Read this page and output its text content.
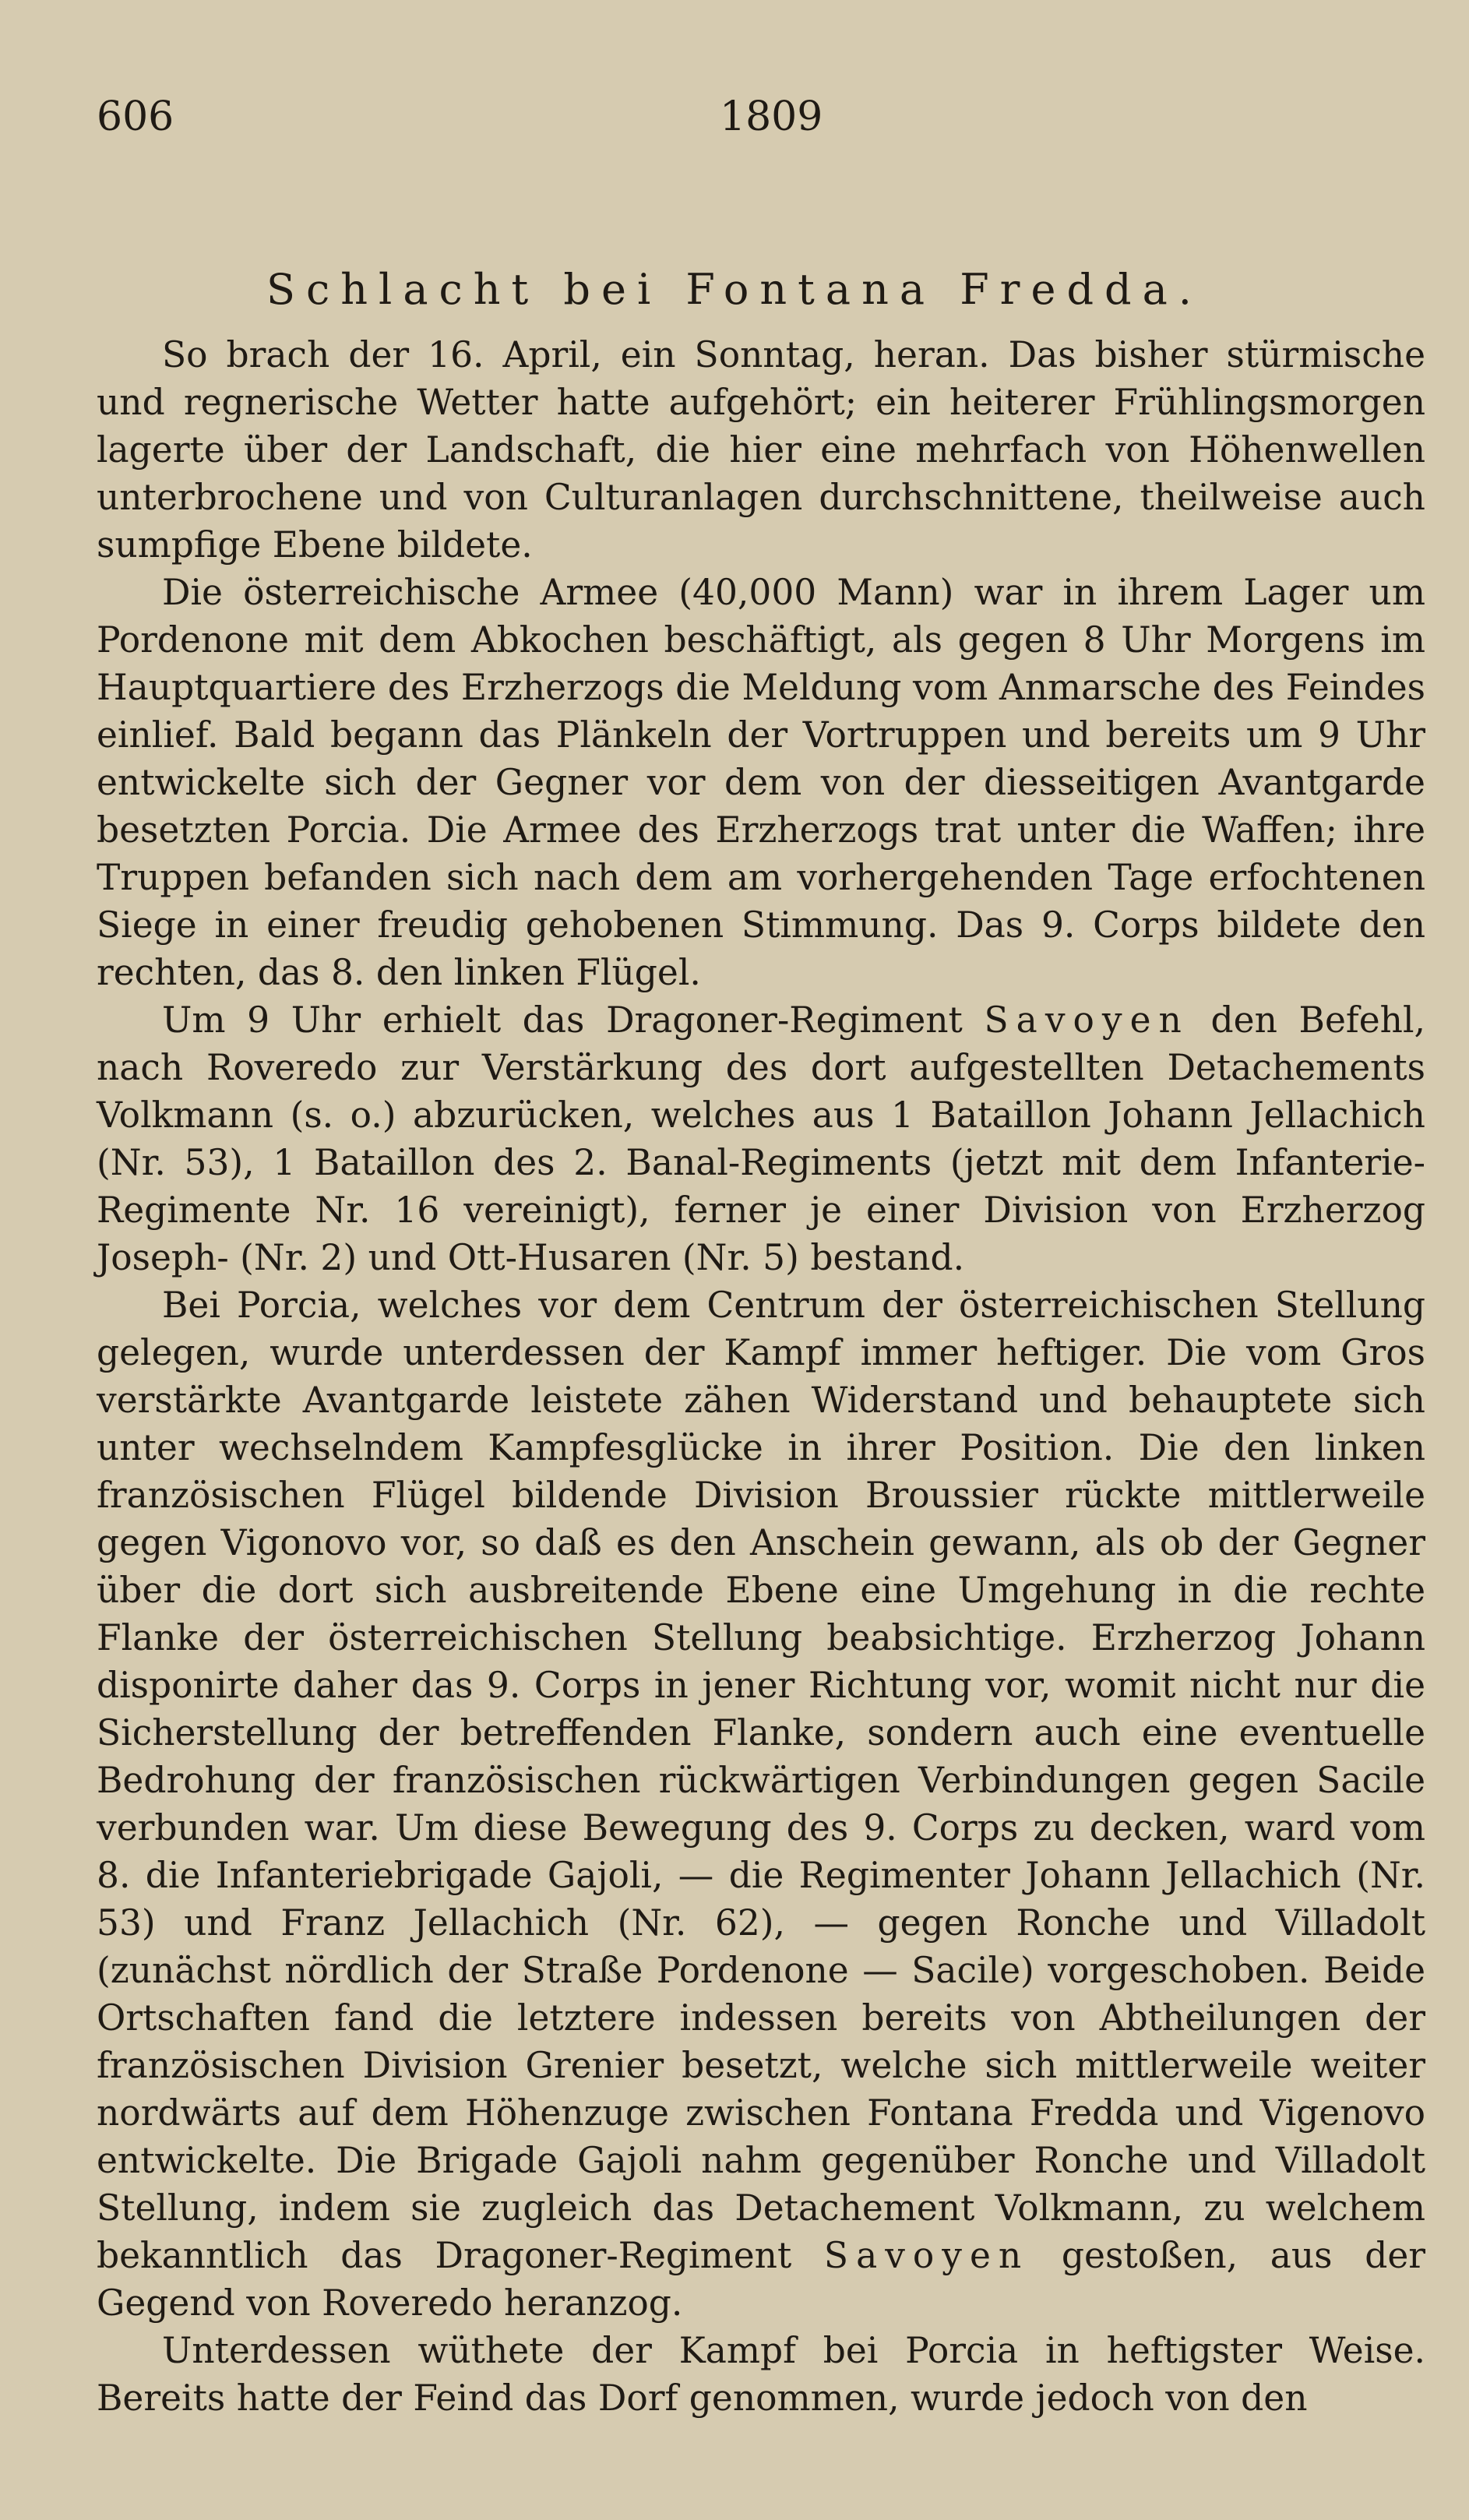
606	1809
Schlacht bei Fontana Fredda.

So brach der 16. April, ein Sonntag, heran. Das bisher stürmische und regnerische Wetter hatte aufgehört; ein heiterer Frühlingsmorgen lagerte über der Landschaft, die hier eine mehrfach von Höhenwellen unterbrochene und von Culturanlagen durchschnittene, theilweise auch sumpfige Ebene bildete.

Die österreichische Armee (40,000 Mann) war in ihrem Lager um Pordenone mit dem Abkochen beschäftigt, als gegen 8 Uhr Morgens im Hauptquartiere des Erzherzogs die Meldung vom Anmarsche des Feindes einlief. Bald begann das Plänkeln der Vortruppen und bereits um 9 Uhr entwickelte sich der Gegner vor dem von der diesseitigen Avantgarde besetzten Porcia. Die Armee des Erzherzogs trat unter die Waffen; ihre Truppen befanden sich nach dem am vorhergehenden Tage erfochtenen Siege in einer freudig gehobenen Stimmung. Das 9. Corps bildete den rechten, das 8. den linken Flügel.

Um 9 Uhr erhielt das Dragoner-Regiment Savoyen den Befehl, nach Roveredo zur Verstärkung des dort aufgestellten Detachements Volkmann (s. o.) abzurücken, welches aus 1 Bataillon Johann Jellachich (Nr. 53), 1 Bataillon des 2. Banal-Regiments (jetzt mit dem Infanterie-Regimente Nr. 16 vereinigt), ferner je einer Division von Erzherzog Joseph- (Nr. 2) und Ott-Husaren (Nr. 5) bestand.

Bei Porcia, welches vor dem Centrum der österreichischen Stellung gelegen, wurde unterdessen der Kampf immer heftiger. Die vom Gros verstärkte Avantgarde leistete zähen Widerstand und behauptete sich unter wechselndem Kampfesglücke in ihrer Position. Die den linken französischen Flügel bildende Division Broussier rückte mittlerweile gegen Vigonovo vor, so daß es den Anschein gewann, als ob der Gegner über die dort sich ausbreitende Ebene eine Umgehung in die rechte Flanke der österreichischen Stellung beabsichtige. Erzherzog Johann disponirte daher das 9. Corps in jener Richtung vor, womit nicht nur die Sicherstellung der betreffenden Flanke, sondern auch eine eventuelle Bedrohung der französischen rückwärtigen Verbindungen gegen Sacile verbunden war. Um diese Bewegung des 9. Corps zu decken, ward vom 8. die Infanteriebrigade Gajoli, — die Regimenter Johann Jellachich (Nr. 53) und Franz Jellachich (Nr. 62), — gegen Ronche und Villadolt (zunächst nördlich der Straße Pordenone — Sacile) vorgeschoben. Beide Ortschaften fand die letztere indessen bereits von Abtheilungen der französischen Division Grenier besetzt, welche sich mittlerweile weiter nordwärts auf dem Höhenzuge zwischen Fontana Fredda und Vigenovo entwickelte. Die Brigade Gajoli nahm gegenüber Ronche und Villadolt Stellung, indem sie zugleich das Detachement Volkmann, zu welchem bekanntlich das Dragoner-Regiment Savoyen gestoßen, aus der Gegend von Roveredo heranzog.

Unterdessen wüthete der Kampf bei Porcia in heftigster Weise. Bereits hatte der Feind das Dorf genommen, wurde jedoch von den
